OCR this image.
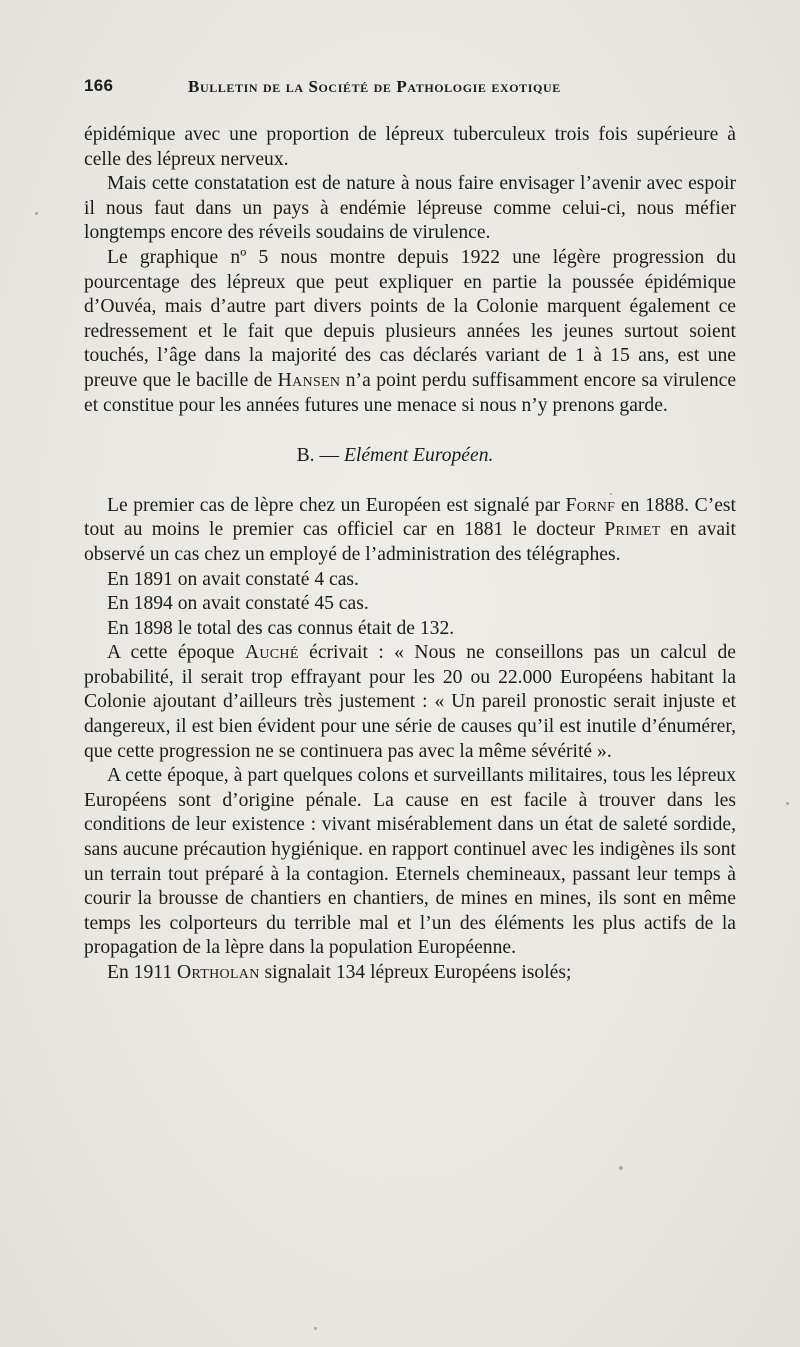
166	Bulletin de la Société de Pathologie exotique

épidémique avec une proportion de lépreux tuberculeux trois fois supérieure à celle des lépreux nerveux.

Mais cette constatation est de nature à nous faire envisager l’avenir avec espoir il nous faut dans un pays à endémie lépreuse comme celui-ci, nous méfier longtemps encore des réveils soudains de virulence.

Le graphique nº 5 nous montre depuis 1922 une légère progression du pourcentage des lépreux que peut expliquer en partie la poussée épidémique d’Ouvéa, mais d’autre part divers points de la Colonie marquent également ce redressement et le fait que depuis plusieurs années les jeunes surtout soient touchés, l’âge dans la majorité des cas déclarés variant de 1 à 15 ans, est une preuve que le bacille de Hansen n’a point perdu suffisamment encore sa virulence et constitue pour les années futures une menace si nous n’y prenons garde.

B. — Elément Européen.

Le premier cas de lèpre chez un Européen est signalé par Fornf en 1888. C’est tout au moins le premier cas officiel car en 1881 le docteur Primet en avait observé un cas chez un employé de l’administration des télégraphes.

En 1891 on avait constaté 4 cas.

En 1894 on avait constaté 45 cas.

En 1898 le total des cas connus était de 132.

A cette époque Auché écrivait : « Nous ne conseillons pas un calcul de probabilité, il serait trop effrayant pour les 20 ou 22.000 Européens habitant la Colonie ajoutant d’ailleurs très justement : « Un pareil pronostic serait injuste et dangereux, il est bien évident pour une série de causes qu’il est inutile d’énumérer, que cette progression ne se continuera pas avec la même sévérité ».

A cette époque, à part quelques colons et surveillants militaires, tous les lépreux Européens sont d’origine pénale. La cause en est facile à trouver dans les conditions de leur existence : vivant misérablement dans un état de saleté sordide, sans aucune précaution hygiénique. en rapport continuel avec les indigènes ils sont un terrain tout préparé à la contagion. Eternels chemineaux, passant leur temps à courir la brousse de chantiers en chantiers, de mines en mines, ils sont en même temps les colporteurs du terrible mal et l’un des éléments les plus actifs de la propagation de la lèpre dans la population Européenne.

En 1911 Ortholan signalait 134 lépreux Européens isolés;
